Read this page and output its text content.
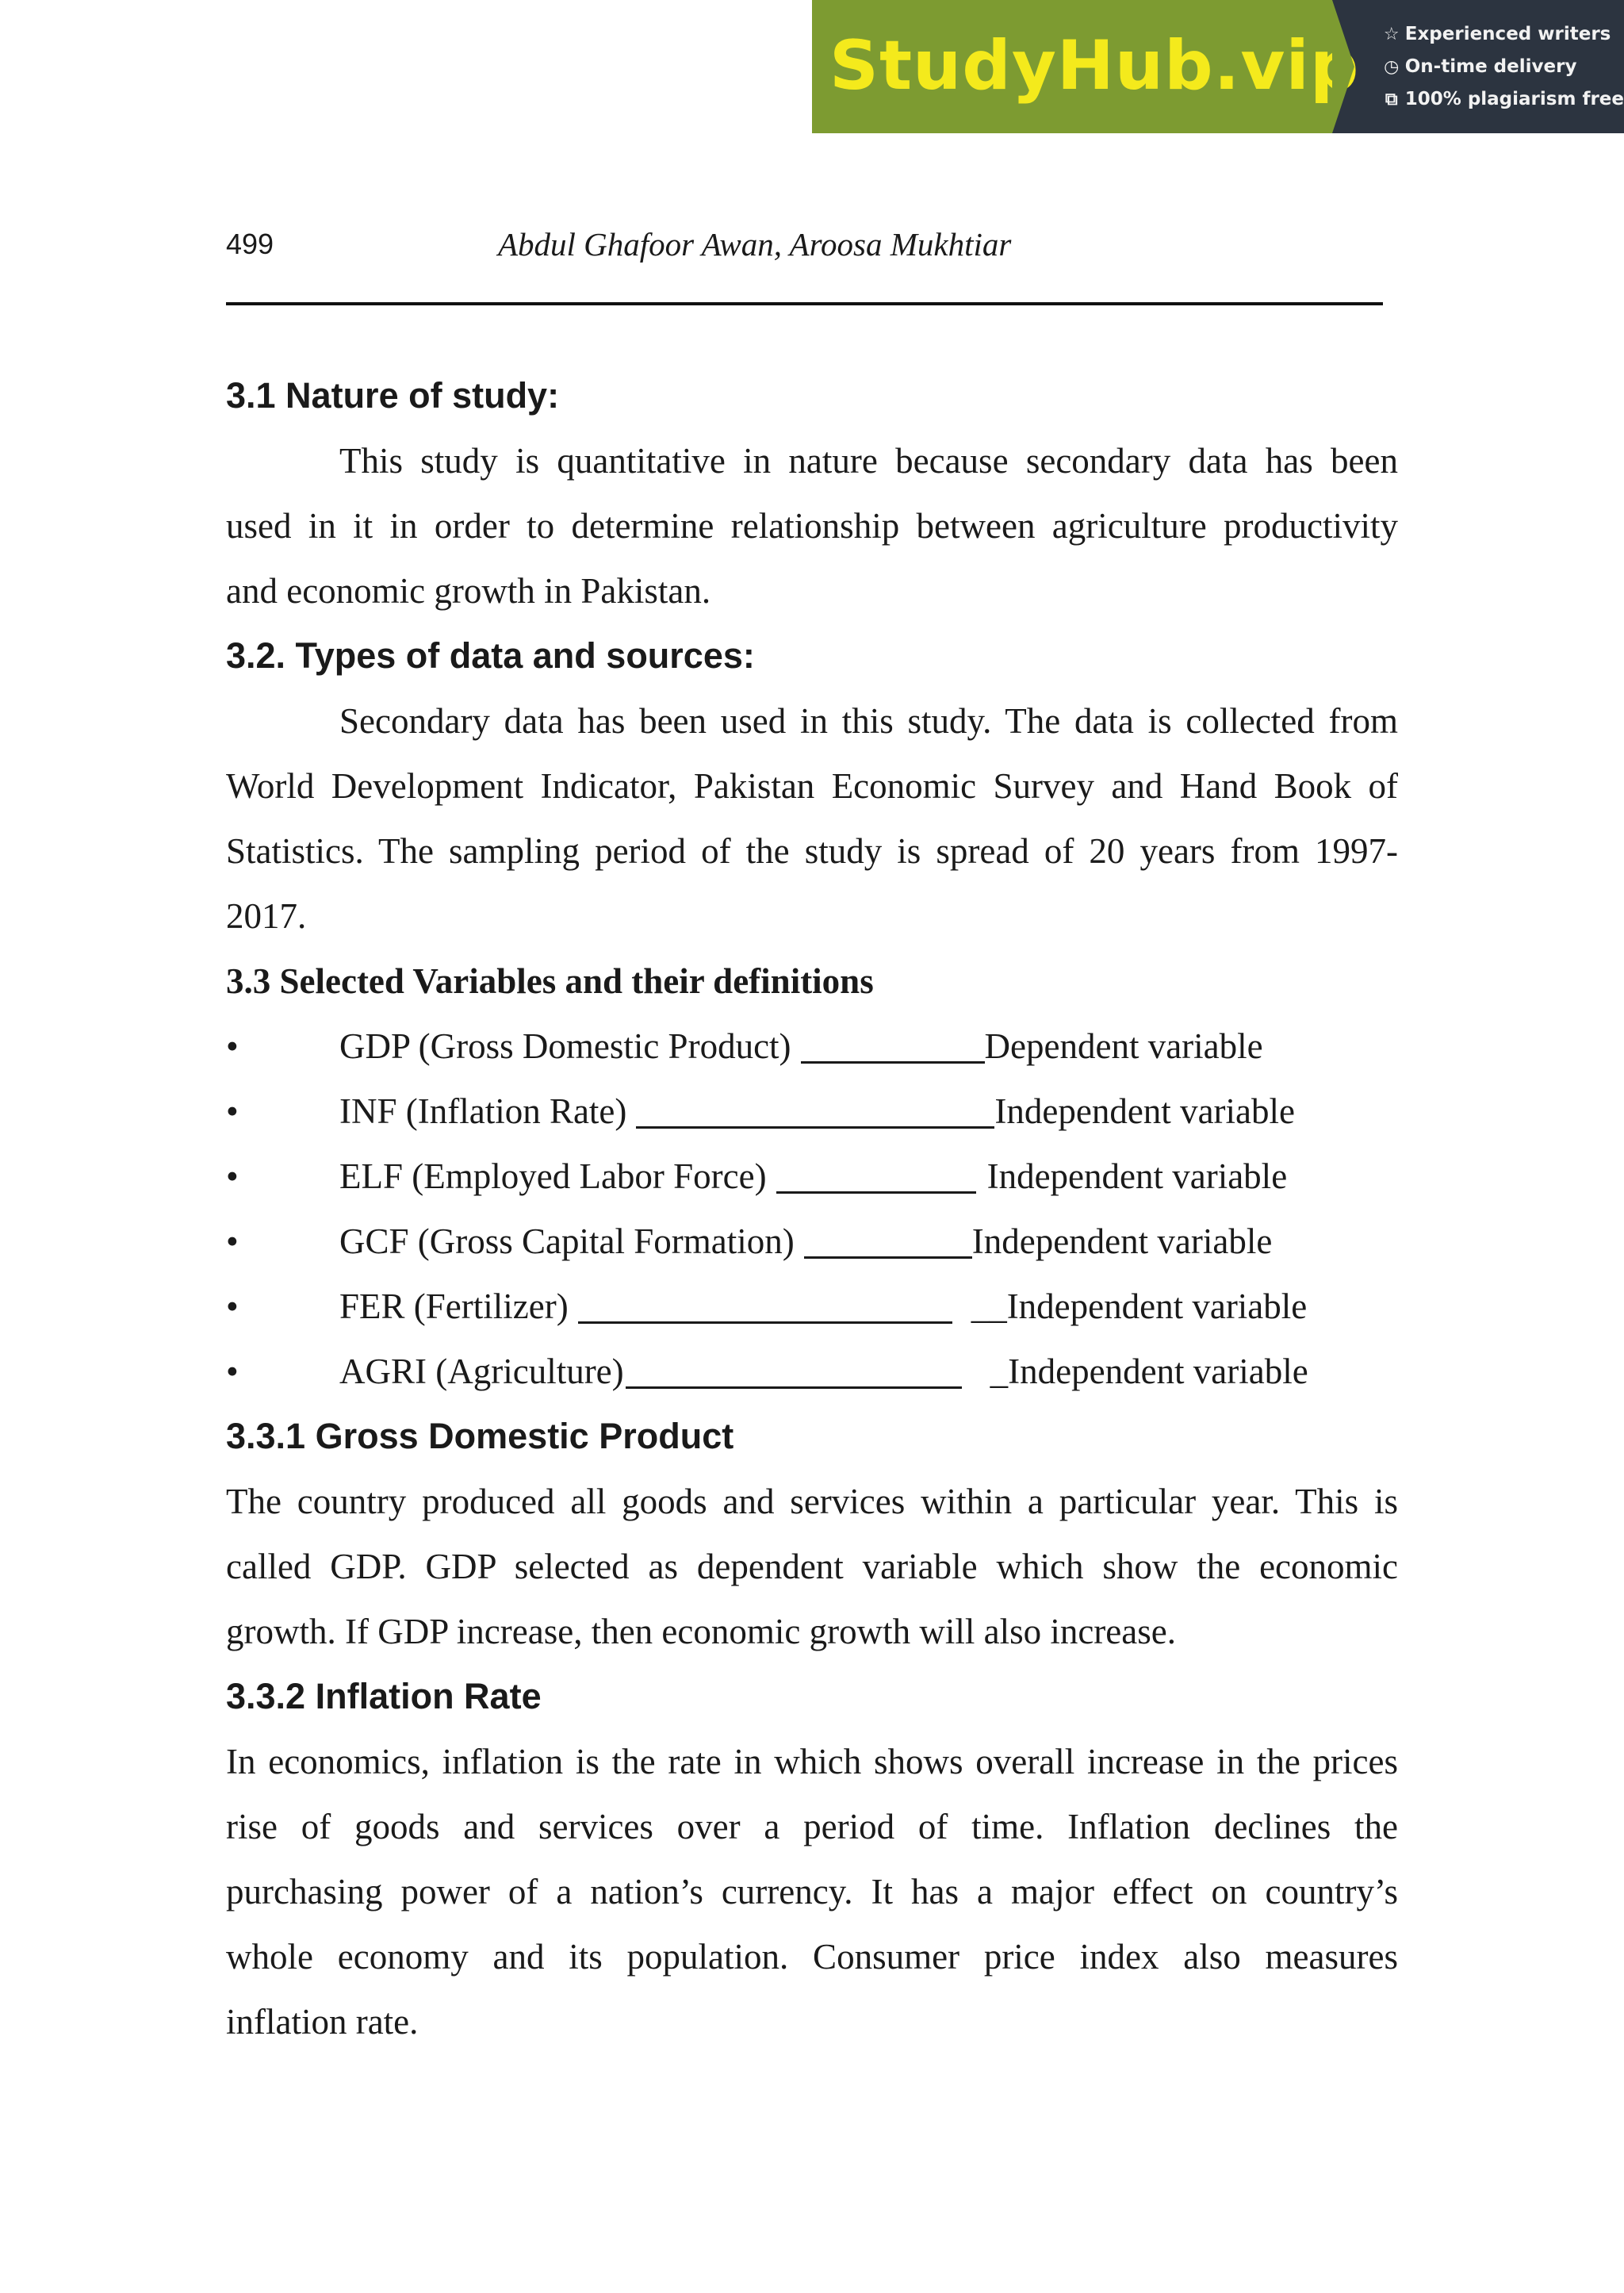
StudyHub.vip ☆ Experienced writers
◷ On-time delivery
⧉ 100% plagiarism free
499	Abdul Ghafoor Awan, Aroosa Mukhtiar
3.1 Nature of study:
This study is quantitative in nature because secondary data has been
used in it in order to determine relationship between agriculture productivity
and economic growth in Pakistan.
3.2. Types of data and sources:
Secondary data has been used in this study. The data is collected from
World Development Indicator, Pakistan Economic Survey and Hand Book of
Statistics. The sampling period of the study is spread of 20 years from 1997-
2017.
3.3 Selected Variables and their definitions
•	GDP (Gross Domestic Product)	Dependent variable
•	INF (Inflation Rate)	Independent variable
•	ELF (Employed Labor Force)	Independent variable
•	GCF (Gross Capital Formation)	Independent variable
•	FER (Fertilizer)	__Independent variable
•	AGRI (Agriculture)	_Independent variable
3.3.1 Gross Domestic Product
The country produced all goods and services within a particular year. This is
called GDP. GDP selected as dependent variable which show the economic
growth. If GDP increase, then economic growth will also increase.
3.3.2 Inflation Rate
In economics, inflation is the rate in which shows overall increase in the prices
rise of goods and services over a period of time. Inflation declines the
purchasing power of a nation’s currency. It has a major effect on country’s
whole economy and its population. Consumer price index also measures
inflation rate.
